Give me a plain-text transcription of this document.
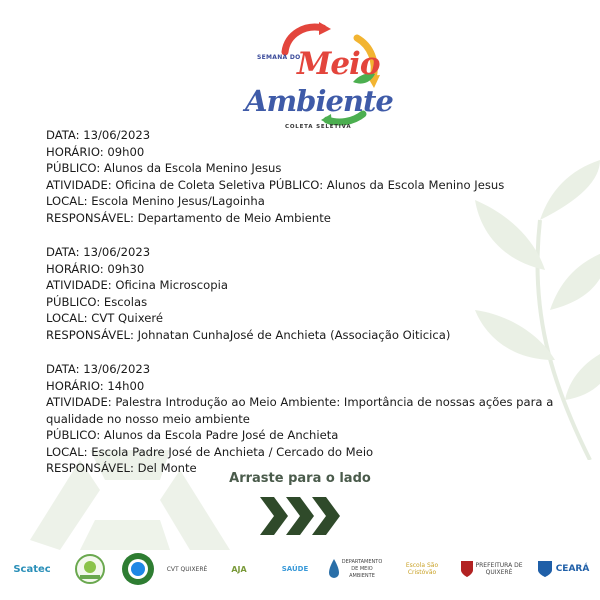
SEMANA DO
Meio
Ambiente
COLETA SELETIVA
DATA: 13/06/2023
HORÁRIO: 09h00
PÚBLICO: Alunos da Escola Menino Jesus
ATIVIDADE: Oficina de Coleta Seletiva PÚBLICO: Alunos da Escola Menino Jesus
LOCAL: Escola Menino Jesus/Lagoinha
RESPONSÁVEL: Departamento de Meio Ambiente
DATA: 13/06/2023
HORÁRIO: 09h30
ATIVIDADE: Oficina Microscopia
PÚBLICO: Escolas
LOCAL: CVT Quixeré
RESPONSÁVEL: Johnatan CunhaJosé de Anchieta (Associação Oiticica)
DATA: 13/06/2023
HORÁRIO: 14h00
ATIVIDADE: Palestra Introdução ao Meio Ambiente: Importância de nossas ações para a qualidade no nosso meio ambiente
PÚBLICO: Alunos da Escola Padre José de Anchieta
LOCAL: Escola Padre José de Anchieta / Cercado do Meio
RESPONSÁVEL: Del Monte
Arraste para o lado
Scatec	CVT QUIXERÉ	AJA	SAÚDE
DEPARTAMENTO DE MEIO AMBIENTE
Escola São Cristóvão
PREFEITURA DE QUIXERÉ	CEARÁ
